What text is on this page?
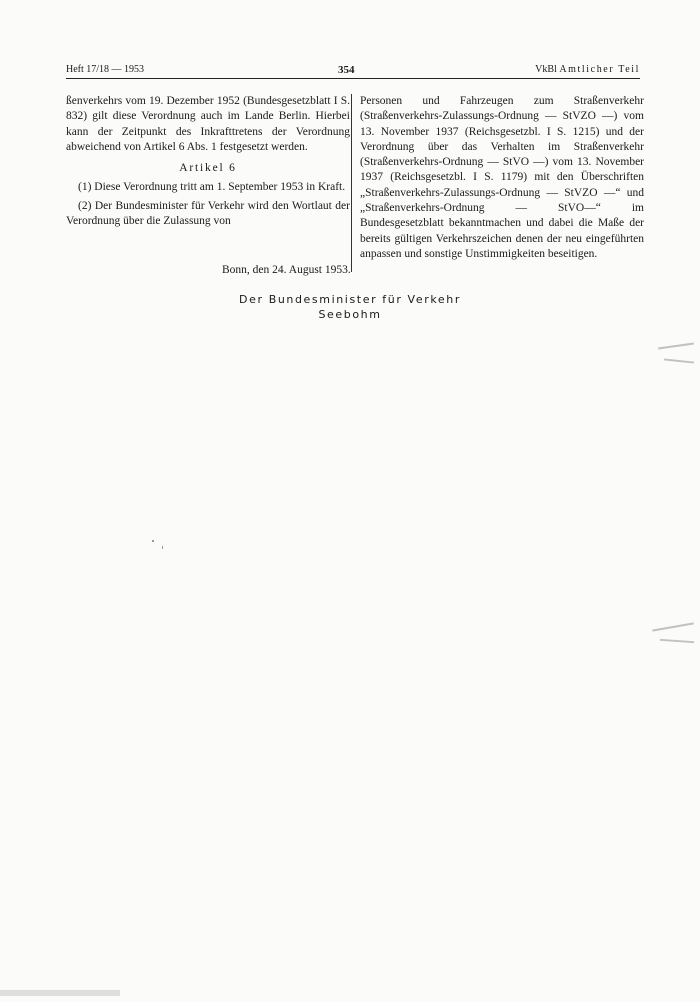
Heft 17/18 — 1953	354	VkBl Amtlicher Teil

ßenverkehrs vom 19. Dezember 1952 (Bundesgesetzblatt I S. 832) gilt diese Verordnung auch im Lande Berlin. Hierbei kann der Zeitpunkt des Inkrafttretens der Verordnung abweichend von Artikel 6 Abs. 1 festgesetzt werden.

Artikel 6

(1) Diese Verordnung tritt am 1. September 1953 in Kraft.

(2) Der Bundesminister für Verkehr wird den Wortlaut der Verordnung über die Zulassung von

Personen und Fahrzeugen zum Straßenverkehr (Straßenverkehrs-Zulassungs-Ordnung — StVZO —) vom 13. November 1937 (Reichsgesetzbl. I S. 1215) und der Verordnung über das Verhalten im Straßenverkehr (Straßenverkehrs-Ordnung — StVO —) vom 13. November 1937 (Reichsgesetzbl. I S. 1179) mit den Überschriften „Straßenverkehrs-Zulassungs-Ordnung — StVZO —“ und „Straßenverkehrs-Ordnung — StVO—“ im Bundesgesetzblatt bekanntmachen und dabei die Maße der bereits gültigen Verkehrszeichen denen der neu eingeführten anpassen und sonstige Unstimmigkeiten beseitigen.

Bonn, den 24. August 1953.
Der Bundesminister für Verkehr
Seebohm
